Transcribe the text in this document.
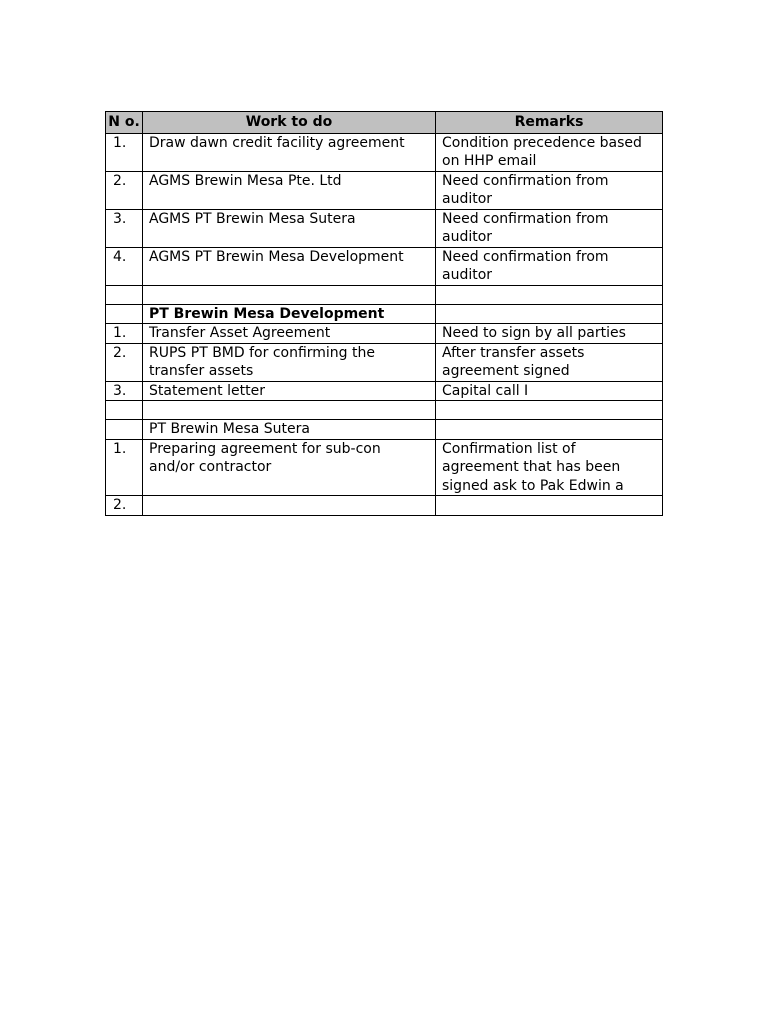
N o.	Work to do	Remarks
1.	Draw dawn credit facility agreement	Condition precedence based on HHP email
2.	AGMS Brewin Mesa Pte. Ltd	Need confirmation from auditor
3.	AGMS PT Brewin Mesa Sutera	Need confirmation from auditor
4.	AGMS PT Brewin Mesa Development	Need confirmation from auditor

	PT Brewin Mesa Development	
1.	Transfer Asset Agreement	Need to sign by all parties
2.	RUPS PT BMD for confirming the transfer assets	After transfer assets agreement signed
3.	Statement letter	Capital call I

	PT Brewin Mesa Sutera	
1.	Preparing agreement for sub-con and/or contractor	Confirmation list of agreement that has been signed ask to Pak Edwin a
2.		
